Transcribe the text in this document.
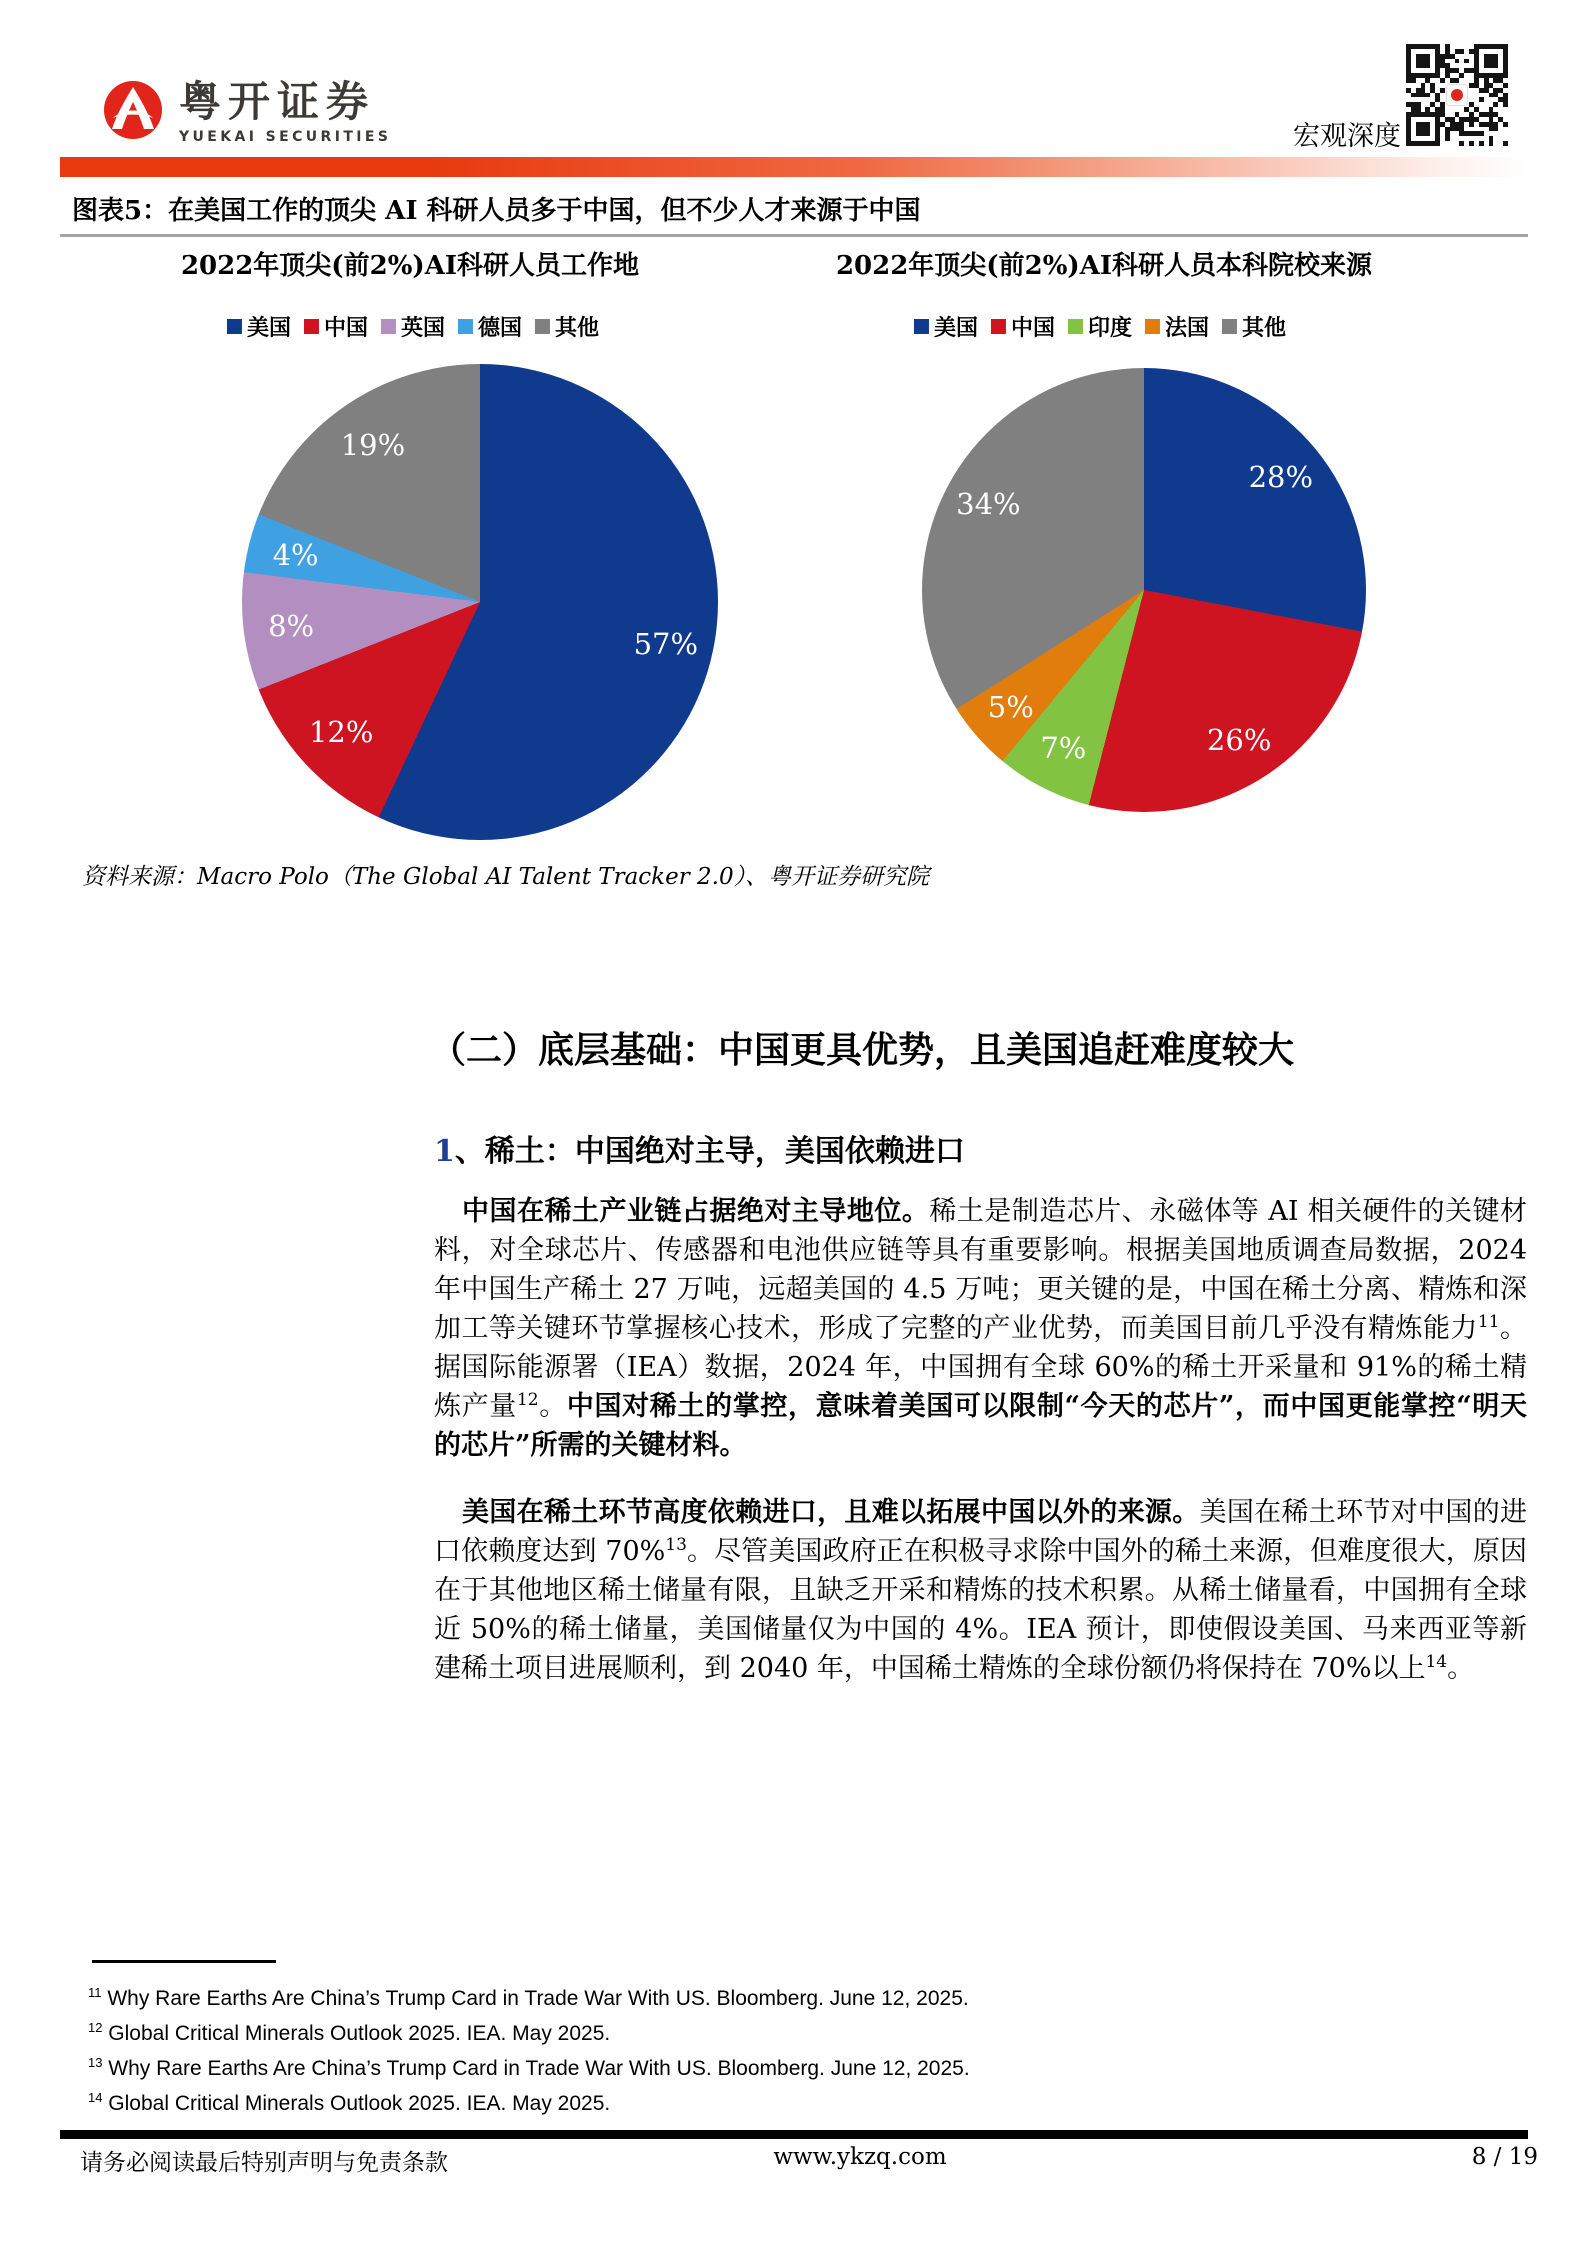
粤开证券
YUEKAI SECURITIES	宏观深度
图表5：在美国工作的顶尖 AI 科研人员多于中国，但不少人才来源于中国
2022年顶尖(前2%)AI科研人员工作地
美国 中国 英国 德国 其他
57%
12%
8%
4%
19%
2022年顶尖(前2%)AI科研人员本科院校来源
美国 中国 印度 法国 其他
28%
26%
7%
5%
34%
资料来源：Macro Polo（The Global AI Talent Tracker 2.0）、粤开证券研究院
（二）底层基础：中国更具优势，且美国追赶难度较大
1、稀土：中国绝对主导，美国依赖进口

中国在稀土产业链占据绝对主导地位。稀土是制造芯片、永磁体等 AI 相关硬件的关键材料，对全球芯片、传感器和电池供应链等具有重要影响。根据美国地质调查局数据，2024 年中国生产稀土 27 万吨，远超美国的 4.5 万吨；更关键的是，中国在稀土分离、精炼和深加工等关键环节掌握核心技术，形成了完整的产业优势，而美国目前几乎没有精炼能力$^{11}$。据国际能源署（IEA）数据，2024 年，中国拥有全球 60%的稀土开采量和 91%的稀土精炼产量$^{12}$。中国对稀土的掌控，意味着美国可以限制“今天的芯片”，而中国更能掌控“明天的芯片”所需的关键材料。

美国在稀土环节高度依赖进口，且难以拓展中国以外的来源。美国在稀土环节对中国的进口依赖度达到 70%$^{13}$。尽管美国政府正在积极寻求除中国外的稀土来源，但难度很大，原因在于其他地区稀土储量有限，且缺乏开采和精炼的技术积累。从稀土储量看，中国拥有全球近 50%的稀土储量，美国储量仅为中国的 4%。IEA 预计，即使假设美国、马来西亚等新建稀土项目进展顺利，到 2040 年，中国稀土精炼的全球份额仍将保持在 70%以上$^{14}$。

$^{11}$ Why Rare Earths Are China’s Trump Card in Trade War With US. Bloomberg. June 12, 2025.
$^{12}$ Global Critical Minerals Outlook 2025. IEA. May 2025.
$^{13}$ Why Rare Earths Are China’s Trump Card in Trade War With US. Bloomberg. June 12, 2025.
$^{14}$ Global Critical Minerals Outlook 2025. IEA. May 2025.
请务必阅读最后特别声明与免责条款	www.ykzq.com	8 / 19
